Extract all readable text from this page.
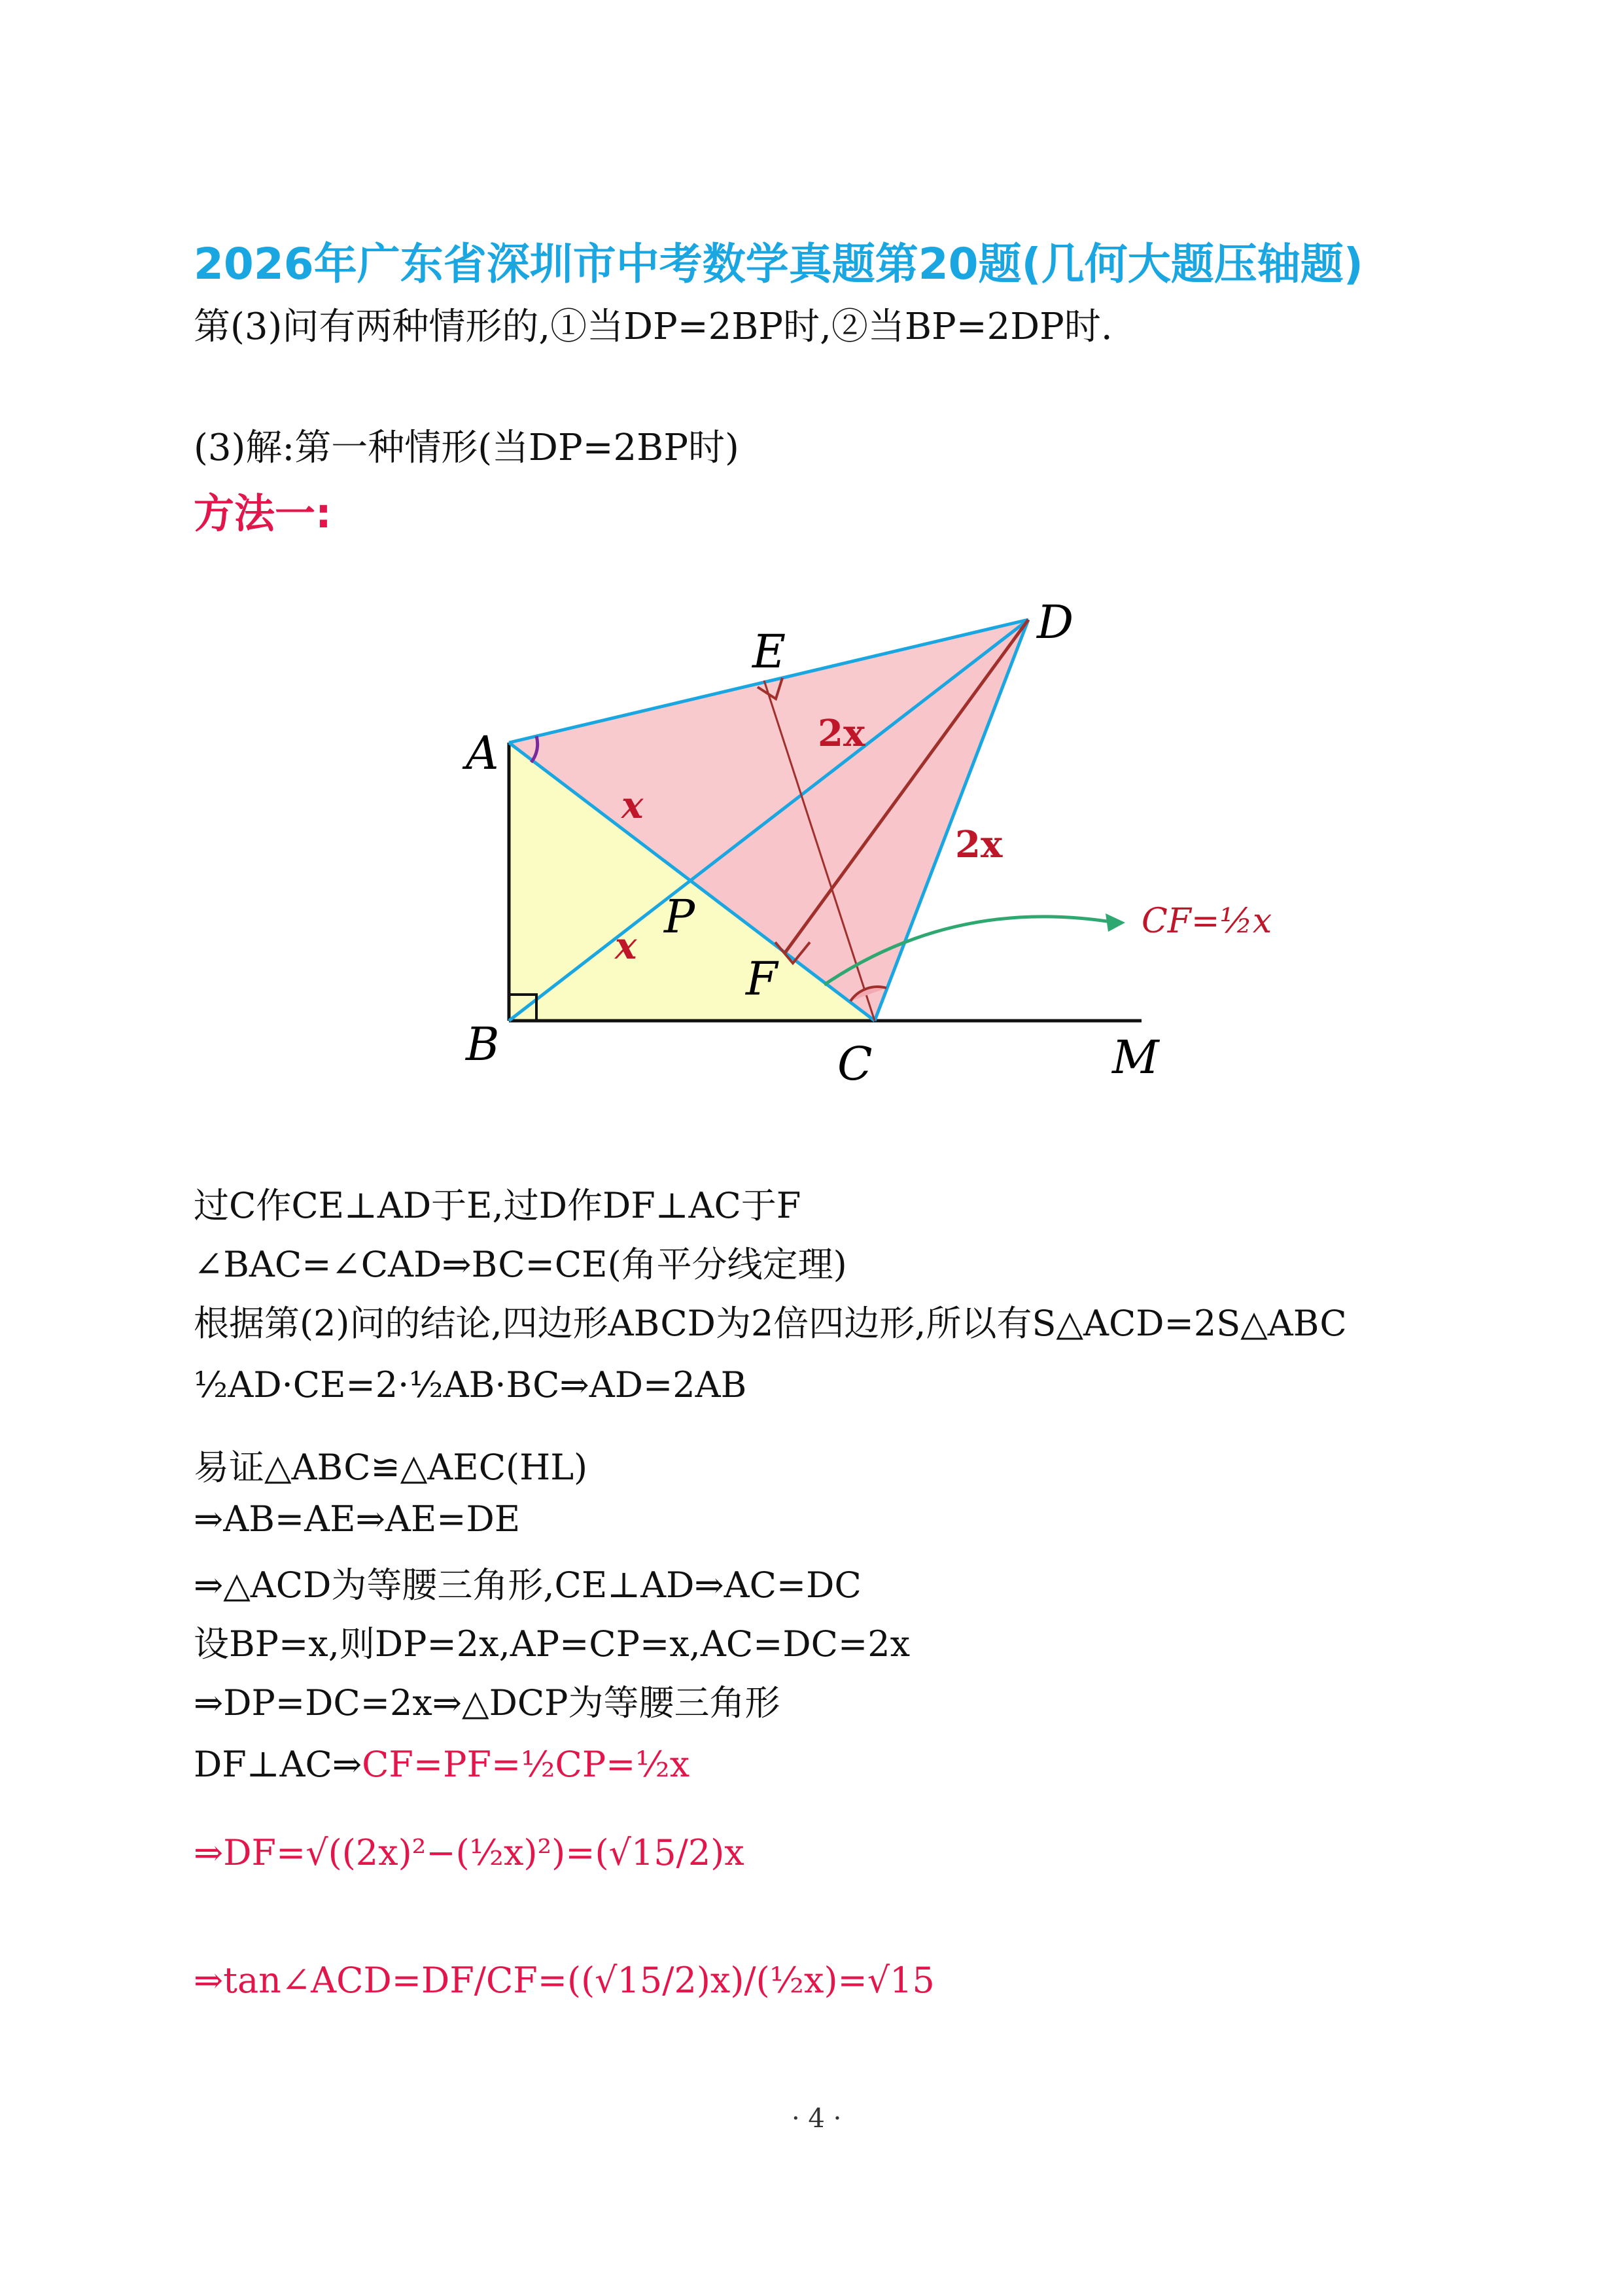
2026年广东省深圳市中考数学真题第20题(几何大题压轴题)
第(3)问有两种情形的,①当DP=2BP时,②当BP=2DP时.
(3)解:第一种情形(当DP=2BP时)
方法一:
A
B	C
D
E
F
P
M
x
x
2x
2x
CF=½x
过C作CE⊥AD于E,过D作DF⊥AC于F
∠BAC=∠CAD⇒BC=CE(角平分线定理)
根据第(2)问的结论,四边形ABCD为2倍四边形,所以有S△ACD=2S△ABC
½AD·CE=2·½AB·BC⇒AD=2AB
易证△ABC≌△AEC(HL)
⇒AB=AE⇒AE=DE
⇒△ACD为等腰三角形,CE⊥AD⇒AC=DC
设BP=x,则DP=2x,AP=CP=x,AC=DC=2x
⇒DP=DC=2x⇒△DCP为等腰三角形
DF⊥AC⇒CF=PF=½CP=½x
⇒DF=√((2x)²−(½x)²)=(√15/2)x
⇒tan∠ACD=DF/CF=((√15/2)x)/(½x)=√15
· 4 ·
